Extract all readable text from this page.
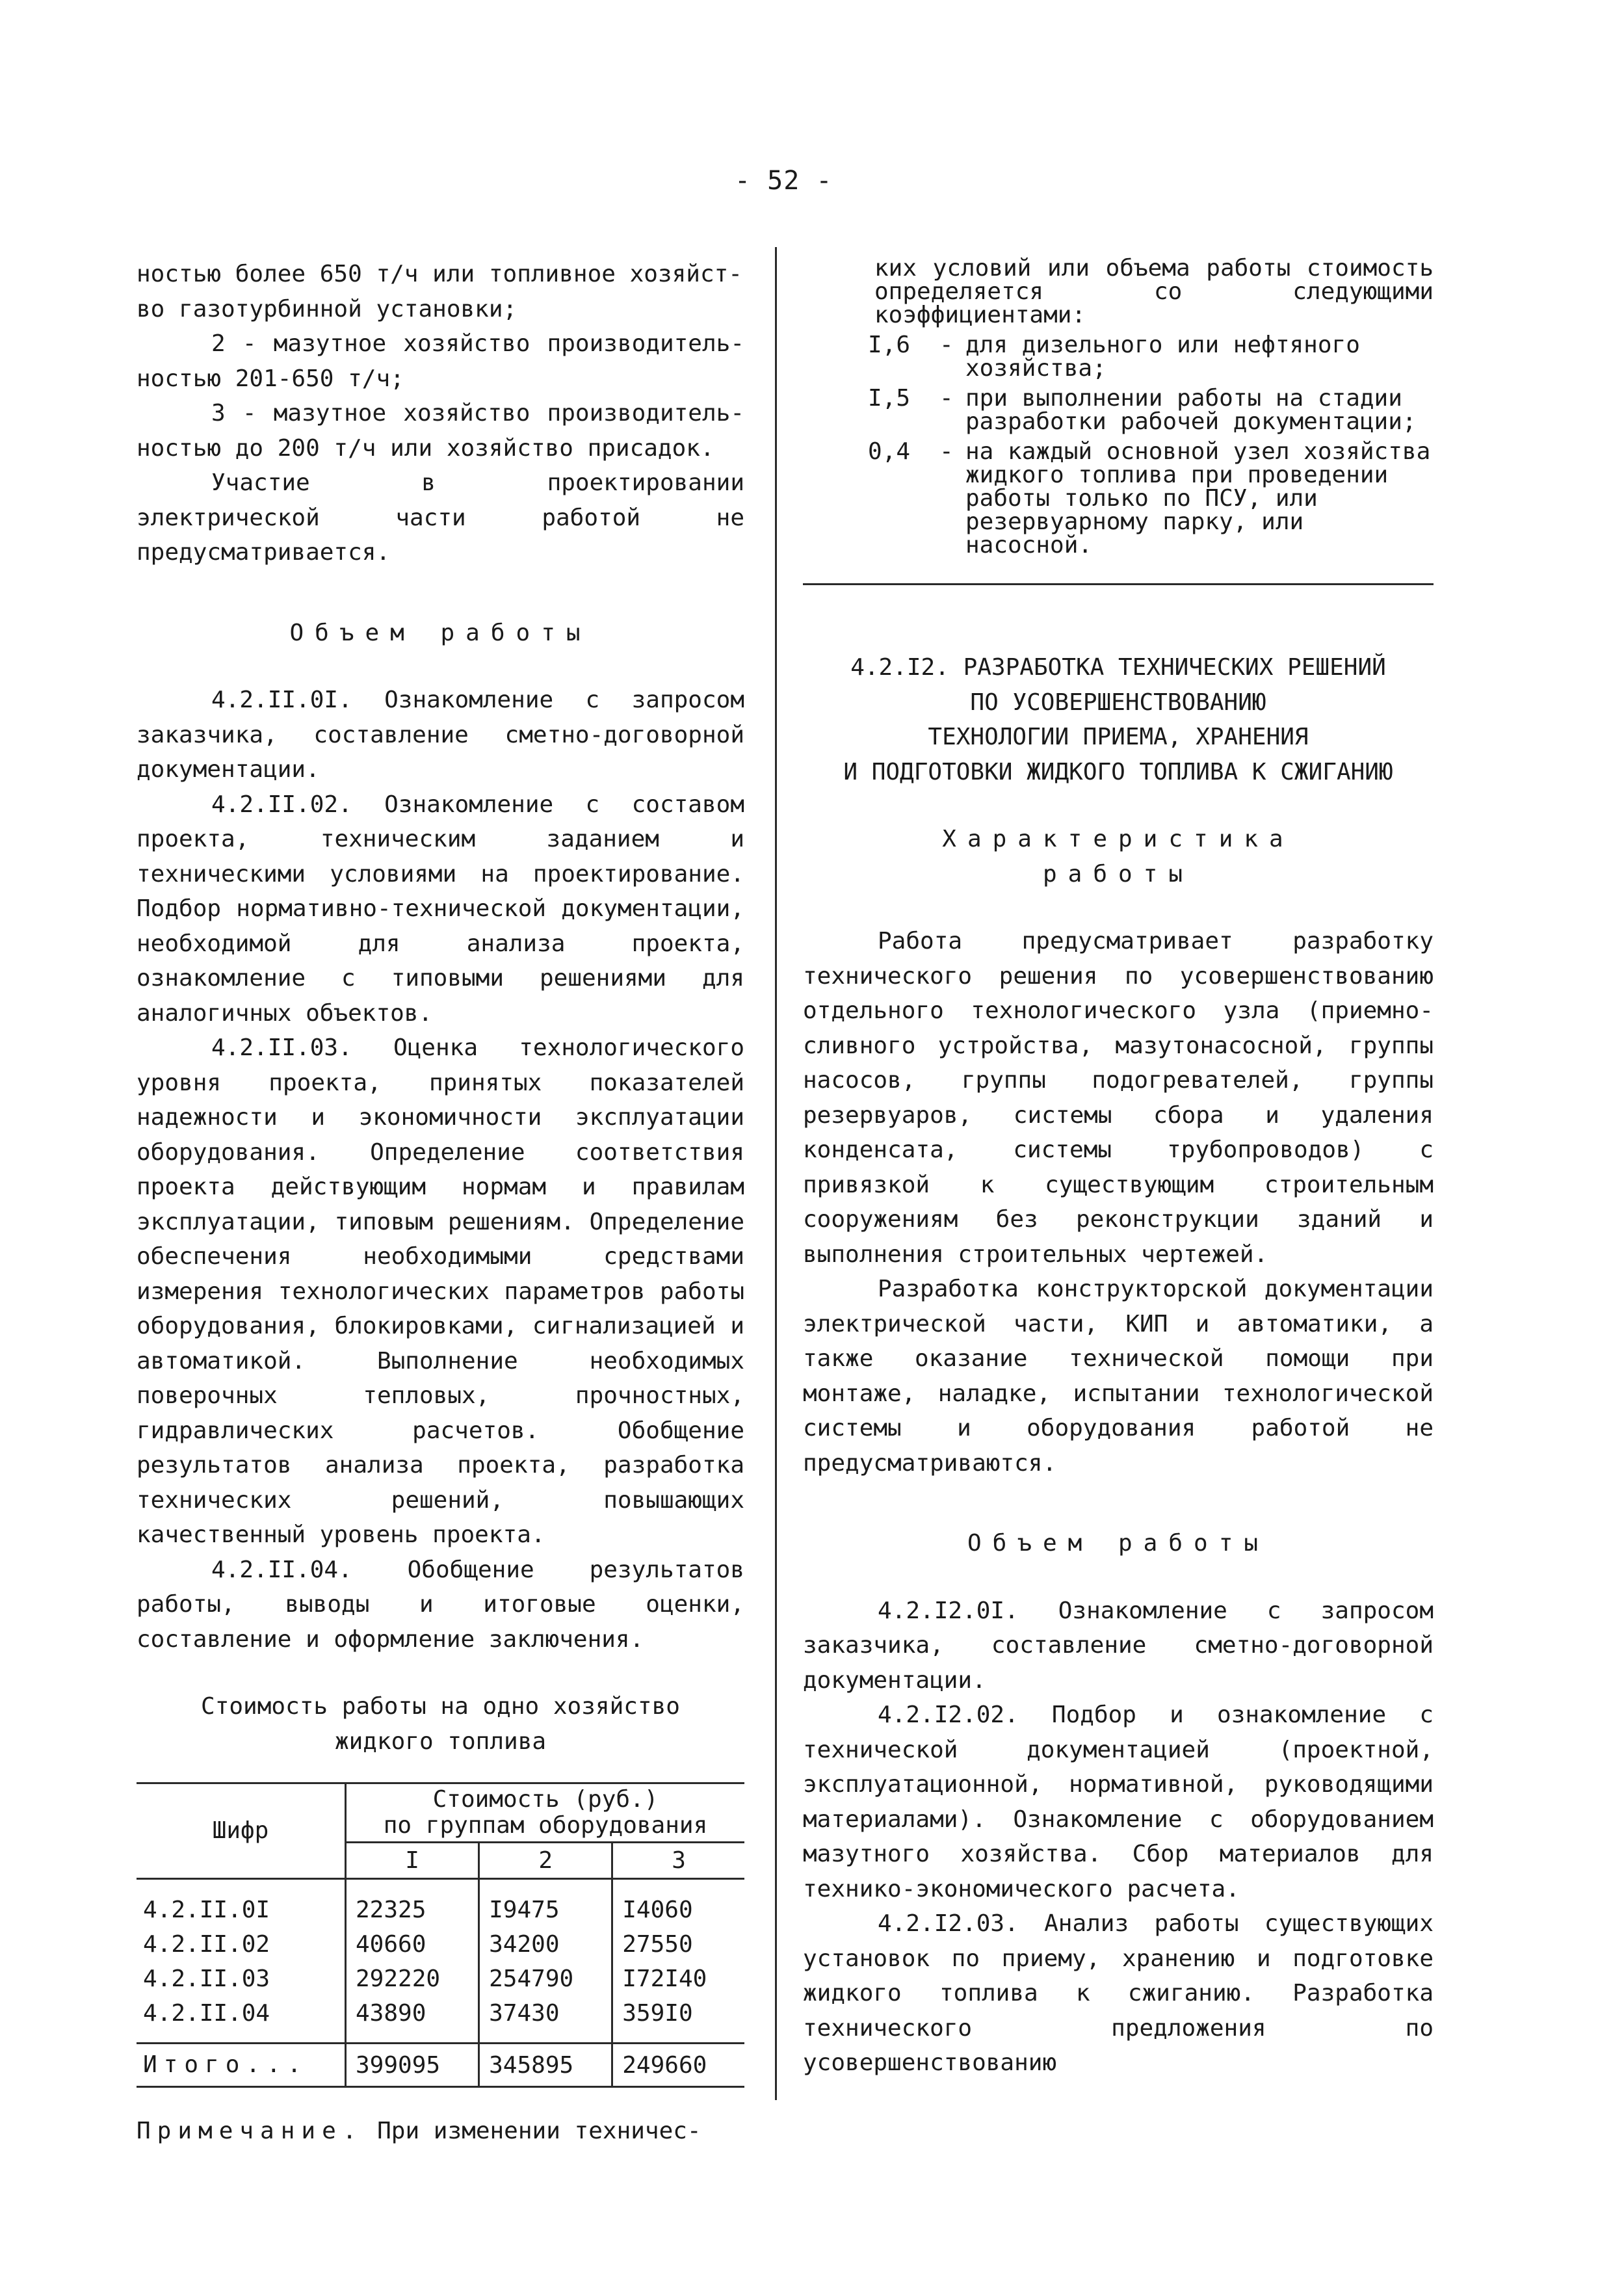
- 52 -

ностью более 650 т/ч или топливное хозяйст-

во газотурбинной установки;

2 - мазутное хозяйство производитель-ностью 201-650 т/ч;

3 - мазутное хозяйство производитель-ностью до 200 т/ч или хозяйство присадок.

Участие в проектировании электрической части работой не предусматривается.

Объем работы

4.2.II.0I. Ознакомление с запросом заказчика, составление сметно-договорной документации.

4.2.II.02. Ознакомление с составом проекта, техническим заданием и техническими условиями на проектирование. Подбор нормативно-технической документации, необходимой для анализа проекта, ознакомление с типовыми решениями для аналогичных объектов.

4.2.II.03. Оценка технологического уровня проекта, принятых показателей надежности и экономичности эксплуатации оборудования. Определение соответствия проекта действующим нормам и правилам эксплуатации, типовым решениям. Определение обеспечения необходимыми средствами измерения технологических параметров работы оборудования, блокировками, сигнализацией и автоматикой. Выполнение необходимых поверочных тепловых, прочностных, гидравлических расчетов. Обобщение результатов анализа проекта, разработка технических решений, повышающих качественный уровень проекта.

4.2.II.04. Обобщение результатов работы, выводы и итоговые оценки, составление и оформление заключения.

Стоимость работы на одно хозяйство

жидкого топлива

Шифр	Стоимость (руб.)
по группам оборудования		

	I	2	3
4.2.II.0I	22325	I9475	I4060
4.2.II.02	40660	34200	27550
4.2.II.03	292220	254790	I72I40
4.2.II.04	43890	37430	359I0
Итого...	399095	345895	249660

Примечание. При изменении техничес-

ких условий или объема работы стоимость определяется со следующими коэффициентами:

I,6	- для дизельного или нефтяного хозяйства;
I,5	- при выполнении работы на стадии разработки рабочей документации;
0,4	- на каждый основной узел хозяйства жидкого топлива при проведении работы только по ПСУ, или резервуарному парку, или насосной.

4.2.I2. РАЗРАБОТКА ТЕХНИЧЕСКИХ РЕШЕНИЙ

ПО УСОВЕРШЕНСТВОВАНИЮ

ТЕХНОЛОГИИ ПРИЕМА, ХРАНЕНИЯ

И ПОДГОТОВКИ ЖИДКОГО ТОПЛИВА К СЖИГАНИЮ

Характеристика

работы

Работа предусматривает разработку технического решения по усовершенствованию отдельного технологического узла (приемно-сливного устройства, мазутонасосной, группы насосов, группы подогревателей, группы резервуаров, системы сбора и удаления конденсата, системы трубопроводов) с привязкой к существующим строительным сооружениям без реконструкции зданий и выполнения строительных чертежей.

Разработка конструкторской документации электрической части, КИП и автоматики, а также оказание технической помощи при монтаже, наладке, испытании технологической системы и оборудования работой не предусматриваются.

Объем работы

4.2.I2.0I. Ознакомление с запросом заказчика, составление сметно-договорной документации.

4.2.I2.02. Подбор и ознакомление с технической документацией (проектной, эксплуатационной, нормативной, руководящими материалами). Ознакомление с оборудованием мазутного хозяйства. Сбор материалов для технико-экономического расчета.

4.2.I2.03. Анализ работы существующих установок по приему, хранению и подготовке жидкого топлива к сжиганию. Разработка технического предложения по усовершенствованию
